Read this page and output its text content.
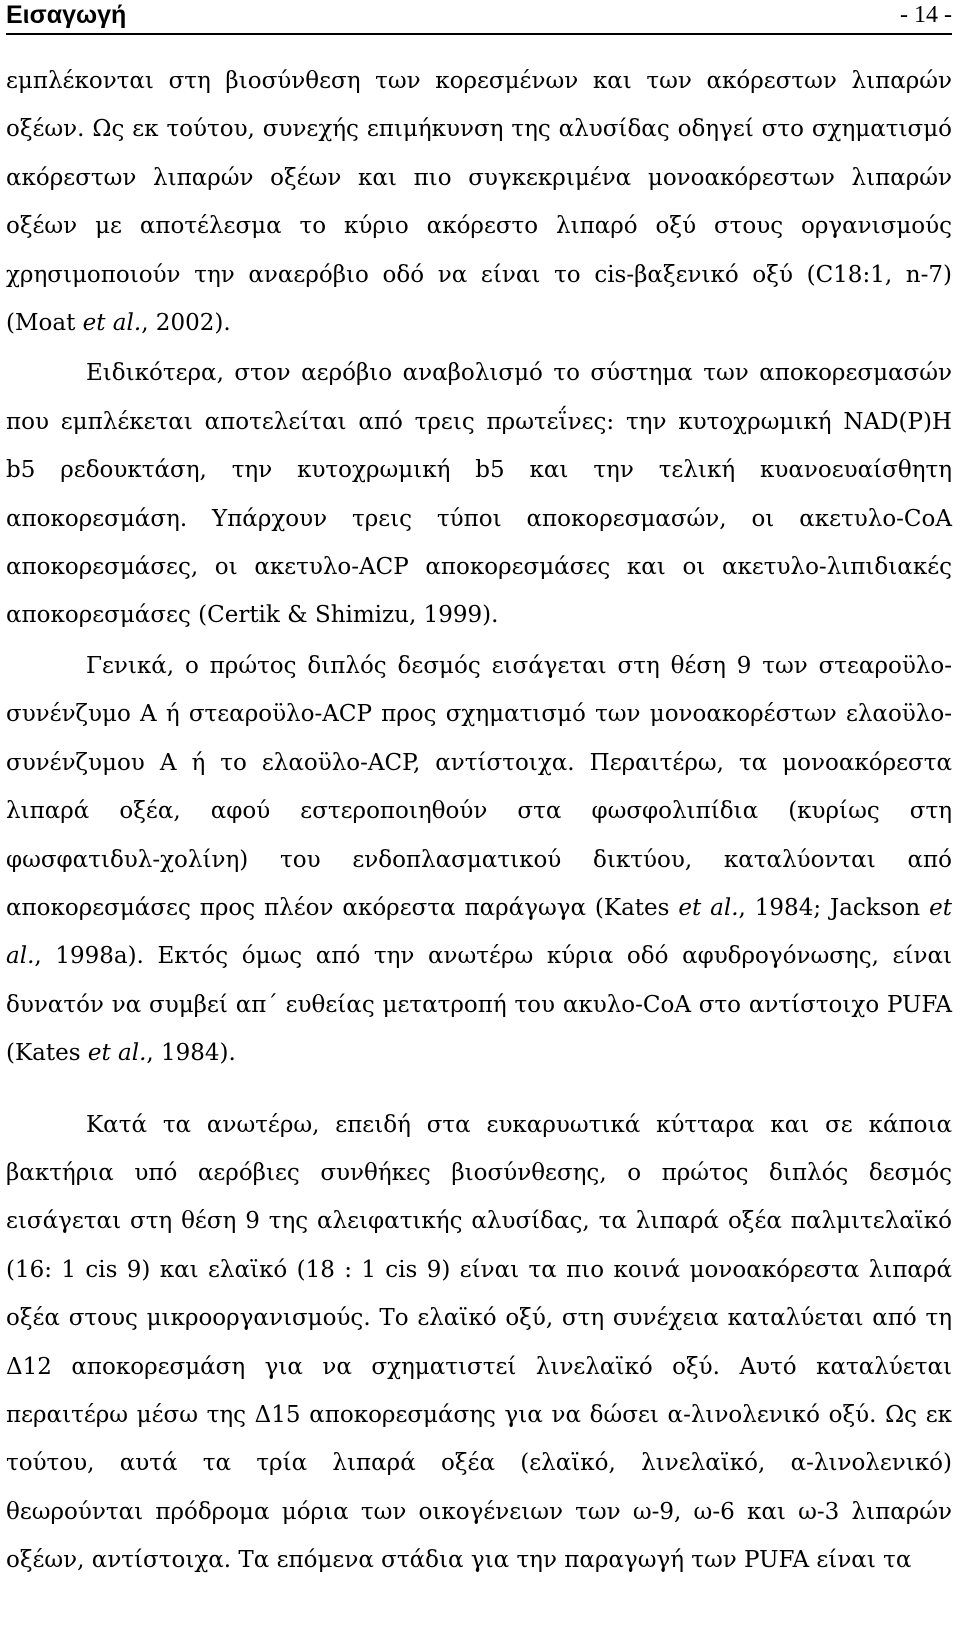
Εισαγωγή	- 14 -

εμπλέκονται στη βιοσύνθεση των κορεσμένων και των ακόρεστων λιπαρών οξέων. Ως εκ τούτου, συνεχής επιμήκυνση της αλυσίδας οδηγεί στο σχηματισμό ακόρεστων λιπαρών οξέων και πιο συγκεκριμένα μονοακόρεστων λιπαρών οξέων με αποτέλεσμα το κύριο ακόρεστο λιπαρό οξύ στους οργανισμούς χρησιμοποιούν την αναερόβιο οδό να είναι το cis-βαξενικό οξύ (C18:1, n-7) (Moat et al., 2002).

Ειδικότερα, στον αερόβιο αναβολισμό το σύστημα των αποκορεσμασών που εμπλέκεται αποτελείται από τρεις πρωτεΐνες: την κυτοχρωμική NAD(P)H b5 ρεδουκτάση, την κυτοχρωμική b5 και την τελική κυανοευαίσθητη αποκορεσμάση. Υπάρχουν τρεις τύποι αποκορεσμασών, οι ακετυλο-CoA αποκορεσμάσες, οι ακετυλο-ACP αποκορεσμάσες και οι ακετυλο-λιπιδιακές αποκορεσμάσες (Certik & Shimizu, 1999).

Γενικά, ο πρώτος διπλός δεσμός εισάγεται στη θέση 9 των στεαροϋλο-συνένζυμο Α ή στεαροϋλο-ACP προς σχηματισμό των μονοακορέστων ελαοϋλο-συνένζυμου Α ή το ελαοϋλο-ACP, αντίστοιχα. Περαιτέρω, τα μονοακόρεστα λιπαρά οξέα, αφού εστεροποιηθούν στα φωσφολιπίδια (κυρίως στη φωσφατιδυλ-χολίνη) του ενδοπλασματικού δικτύου, καταλύονται από αποκορεσμάσες προς πλέον ακόρεστα παράγωγα (Kates et al., 1984; Jackson et al., 1998a). Εκτός όμως από την ανωτέρω κύρια οδό αφυδρογόνωσης, είναι δυνατόν να συμβεί απ΄ ευθείας μετατροπή του ακυλο-CoA στο αντίστοιχο PUFA (Kates et al., 1984).

Κατά τα ανωτέρω, επειδή στα ευκαρυωτικά κύτταρα και σε κάποια βακτήρια υπό αερόβιες συνθήκες βιοσύνθεσης, ο πρώτος διπλός δεσμός εισάγεται στη θέση 9 της αλειφατικής αλυσίδας, τα λιπαρά οξέα παλμιτελαϊκό (16: 1 cis 9) και ελαϊκό (18 : 1 cis 9) είναι τα πιο κοινά μονοακόρεστα λιπαρά οξέα στους μικροοργανισμούς. Το ελαϊκό οξύ, στη συνέχεια καταλύεται από τη Δ12 αποκορεσμάση για να σχηματιστεί λινελαϊκό οξύ. Αυτό καταλύεται περαιτέρω μέσω της Δ15 αποκορεσμάσης για να δώσει α-λινολενικό οξύ. Ως εκ τούτου, αυτά τα τρία λιπαρά οξέα (ελαϊκό, λινελαϊκό, α-λινολενικό) θεωρούνται πρόδρομα μόρια των οικογένειων των ω-9, ω-6 και ω-3 λιπαρών οξέων, αντίστοιχα. Τα επόμενα στάδια για την παραγωγή των PUFA είναι τα
